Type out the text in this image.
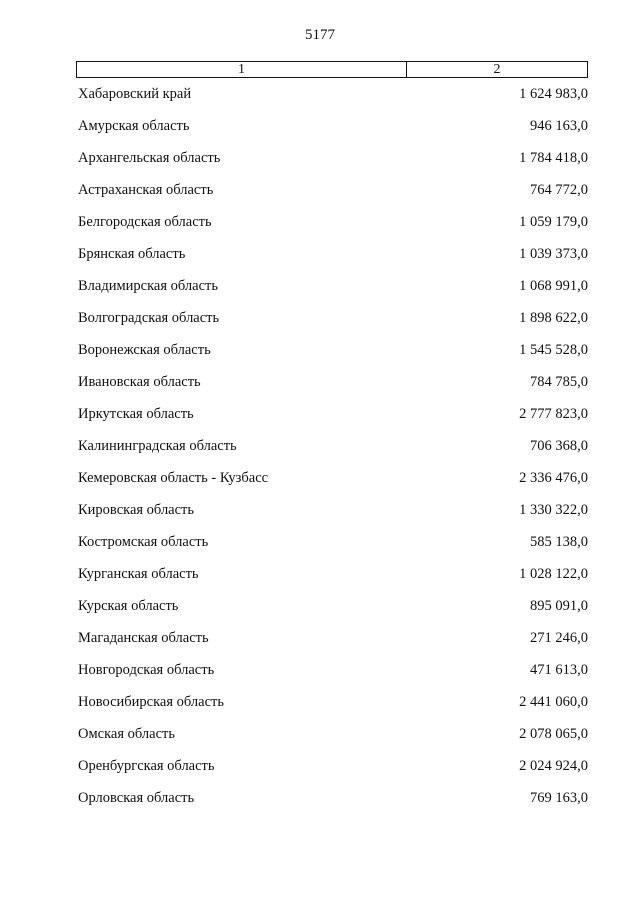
5177
1	2
Хабаровский край	1 624 983,0
Амурская область	946 163,0
Архангельская область	1 784 418,0
Астраханская область	764 772,0
Белгородская область	1 059 179,0
Брянская область	1 039 373,0
Владимирская область	1 068 991,0
Волгоградская область	1 898 622,0
Воронежская область	1 545 528,0
Ивановская область	784 785,0
Иркутская область	2 777 823,0
Калининградская область	706 368,0
Кемеровская область - Кузбасс	2 336 476,0
Кировская область	1 330 322,0
Костромская область	585 138,0
Курганская область	1 028 122,0
Курская область	895 091,0
Магаданская область	271 246,0
Новгородская область	471 613,0
Новосибирская область	2 441 060,0
Омская область	2 078 065,0
Оренбургская область	2 024 924,0
Орловская область	769 163,0
